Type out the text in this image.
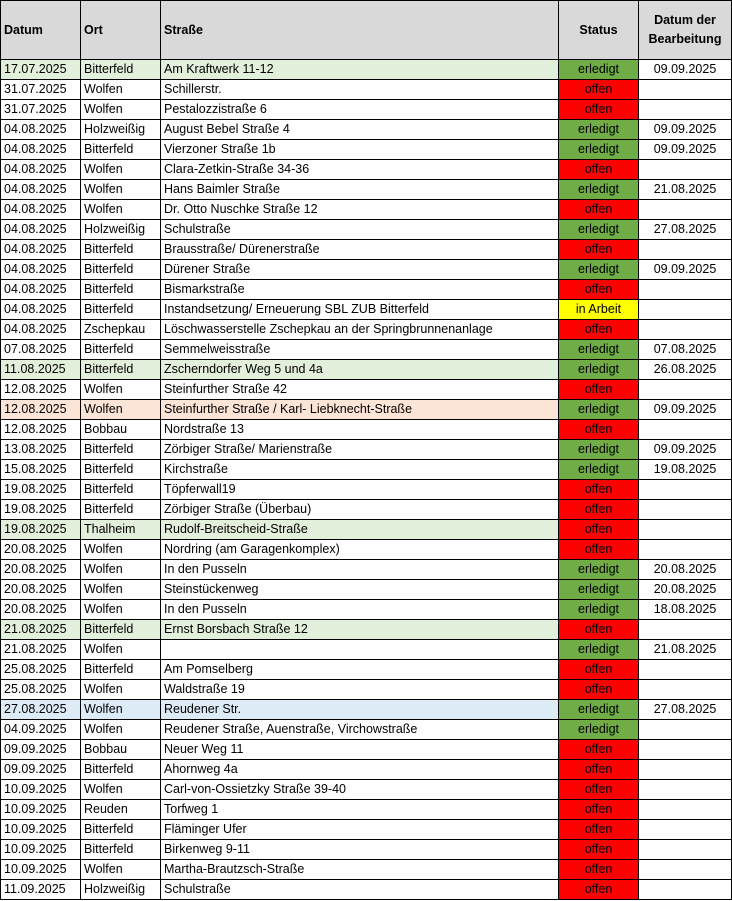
Datum	Ort	Straße	Status	Datum der Bearbeitung
17.07.2025	Bitterfeld	Am Kraftwerk 11-12	erledigt	09.09.2025
31.07.2025	Wolfen	Schillerstr.	offen	
31.07.2025	Wolfen	Pestalozzistraße 6	offen	
04.08.2025	Holzweißig	August Bebel Straße 4	erledigt	09.09.2025
04.08.2025	Bitterfeld	Vierzoner Straße 1b	erledigt	09.09.2025
04.08.2025	Wolfen	Clara-Zetkin-Straße 34-36	offen	
04.08.2025	Wolfen	Hans Baimler Straße	erledigt	21.08.2025
04.08.2025	Wolfen	Dr. Otto Nuschke Straße 12	offen	
04.08.2025	Holzweißig	Schulstraße	erledigt	27.08.2025
04.08.2025	Bitterfeld	Brausstraße/ Dürenerstraße	offen	
04.08.2025	Bitterfeld	Dürener Straße	erledigt	09.09.2025
04.08.2025	Bitterfeld	Bismarkstraße	offen	
04.08.2025	Bitterfeld	Instandsetzung/ Erneuerung SBL ZUB Bitterfeld	in Arbeit	
04.08.2025	Zschepkau	Löschwasserstelle Zschepkau an der Springbrunnenanlage	offen	
07.08.2025	Bitterfeld	Semmelweisstraße	erledigt	07.08.2025
11.08.2025	Bitterfeld	Zscherndorfer Weg 5 und 4a	erledigt	26.08.2025
12.08.2025	Wolfen	Steinfurther Straße 42	offen	
12.08.2025	Wolfen	Steinfurther Straße / Karl- Liebknecht-Straße	erledigt	09.09.2025
12.08.2025	Bobbau	Nordstraße 13	offen	
13.08.2025	Bitterfeld	Zörbiger Straße/ Marienstraße	erledigt	09.09.2025
15.08.2025	Bitterfeld	Kirchstraße	erledigt	19.08.2025
19.08.2025	Bitterfeld	Töpferwall19	offen	
19.08.2025	Bitterfeld	Zörbiger Straße (Überbau)	offen	
19.08.2025	Thalheim	Rudolf-Breitscheid-Straße	offen	
20.08.2025	Wolfen	Nordring (am Garagenkomplex)	offen	
20.08.2025	Wolfen	In den Pusseln	erledigt	20.08.2025
20.08.2025	Wolfen	Steinstückenweg	erledigt	20.08.2025
20.08.2025	Wolfen	In den Pusseln	erledigt	18.08.2025
21.08.2025	Bitterfeld	Ernst Borsbach Straße 12	offen	
21.08.2025	Wolfen		erledigt	21.08.2025
25.08.2025	Bitterfeld	Am Pomselberg	offen	
25.08.2025	Wolfen	Waldstraße 19	offen	
27.08.2025	Wolfen	Reudener Str.	erledigt	27.08.2025
04.09.2025	Wolfen	Reudener Straße, Auenstraße, Virchowstraße	erledigt	
09.09.2025	Bobbau	Neuer Weg 11	offen	
09.09.2025	Bitterfeld	Ahornweg 4a	offen	
10.09.2025	Wolfen	Carl-von-Ossietzky Straße 39-40	offen	
10.09.2025	Reuden	Torfweg 1	offen	
10.09.2025	Bitterfeld	Fläminger Ufer	offen	
10.09.2025	Bitterfeld	Birkenweg 9-11	offen	
10.09.2025	Wolfen	Martha-Brautzsch-Straße	offen	
11.09.2025	Holzweißig	Schulstraße	offen	
